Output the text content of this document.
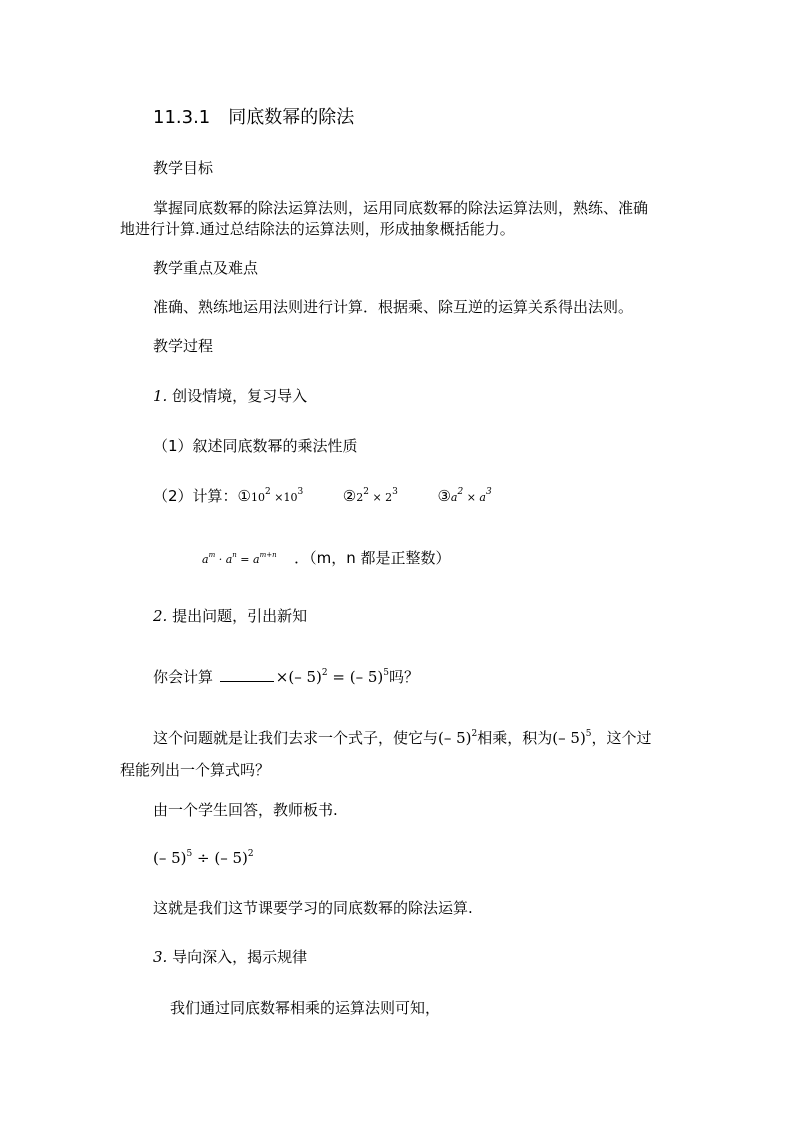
11.3.1　同底数幂的除法
教学目标
掌握同底数幂的除法运算法则，运用同底数幂的除法运算法则，熟练、准确
地进行计算.通过总结除法的运算法则，形成抽象概括能力。
教学重点及难点
准确、熟练地运用法则进行计算．根据乘、除互逆的运算关系得出法则。
教学过程
1. 创设情境，复习导入
（1）叙述同底数幂的乘法性质
（2）计算：$①10^2 \times 10^3$	$②2^2 \times 2^3$	$③a^2 \times a^3$
$a^m \cdot a^n = a^{m+n}$ ．（m，n 都是正整数）
2. 提出问题，引出新知
你会计算	×(– 5)$^2$ = (– 5)$^5$吗？
这个问题就是让我们去求一个式子，使它与(– 5)$^2$相乘，积为(– 5)$^5$，这个过
程能列出一个算式吗？
由一个学生回答，教师板书.
(– 5)$^5$ ÷ (– 5)$^2$
这就是我们这节课要学习的同底数幂的除法运算.
3. 导向深入，揭示规律
我们通过同底数幂相乘的运算法则可知，
